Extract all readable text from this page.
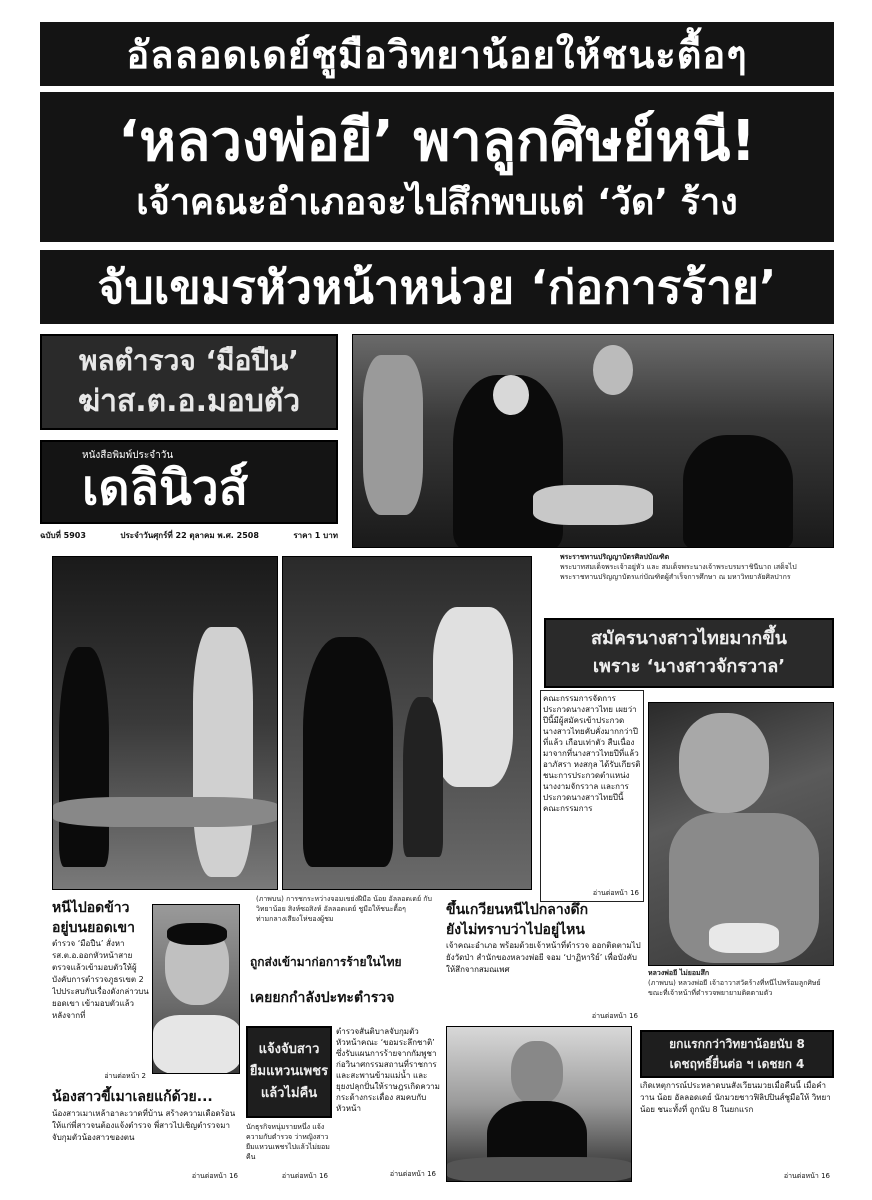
อัลลอดเดย์ชูมือวิทยาน้อยให้ชนะตื้อๆ
‘หลวงพ่อยี’ พาลูกศิษย์หนี!
เจ้าคณะอำเภอจะไปสึกพบแต่ ‘วัด’ ร้าง
จับเขมรหัวหน้าหน่วย ‘ก่อการร้าย’
พลตำรวจ ‘มือปืน’
ฆ่าส.ต.อ.มอบตัว
หนังสือพิมพ์ประจำวัน
เดลินิวส์
ฉบับที่ 5903	ประจำวันศุกร์ที่ 22 ตุลาคม พ.ศ. 2508	ราคา 1 บาท
พระราชทานปริญญาบัตรศิลปบัณฑิต
พระบาทสมเด็จพระเจ้าอยู่หัว และ สมเด็จพระนางเจ้าพระบรมราชินีนาถ เสด็จไปพระราชทานปริญญาบัตรแก่บัณฑิตผู้สำเร็จการศึกษา ณ มหาวิทยาลัยศิลปากร
(ภาพบน) การชกระหว่างจอมเขย่งฝีมือ น้อย อัลลอดเดย์ กับ วิทยาน้อย สิงห์ซอสิงห์ อัลลอดเดย์ ชูมือให้ชนะตื้อๆ ท่ามกลางเสียงโห่ของผู้ชม
สมัครนางสาวไทยมากขึ้น
เพราะ ‘นางสาวจักรวาล’
คณะกรรมการจัดการประกวดนางสาวไทย เผยว่าปีนี้มีผู้สมัครเข้าประกวดนางสาวไทยคับคั่งมากกว่าปีที่แล้ว เกือบเท่าตัว สืบเนื่องมาจากที่นางสาวไทยปีที่แล้ว อาภัสรา หงสกุล ได้รับเกียรติชนะการประกวดตำแหน่งนางงามจักรวาล และการประกวดนางสาวไทยปีนี้ คณะกรรมการ
อ่านต่อหน้า 16
หลวงพ่อยี ไม่ยอมสึก
(ภาพบน) หลวงพ่อยี เจ้าอาวาสวัดร้างที่หนีไปพร้อมลูกศิษย์ ขณะที่เจ้าหน้าที่ตำรวจพยายามติดตามตัว
หนีไปอดข้าว
อยู่บนยอดเขา
ตำรวจ ‘มือปืน’ สั่งหารส.ต.อ.ออกหัวหน้าสายตรวจแล้วเข้ามอบตัวให้ผู้บังคับการตำรวจภูธรเขต 2 ไปประสบกับเรื่องดังกล่าวบนยอดเขา เข้ามอบตัวแล้ว หลังจากที่
อ่านต่อหน้า 2
ขึ้นเกวียนหนีไปกลางดึก
ยังไม่ทราบว่าไปอยู่ไหน
เจ้าคณะอำเภอ พร้อมด้วยเจ้าหน้าที่ตำรวจ ออกติดตามไปยังวัดป่า สำนักของหลวงพ่อยี จอม ‘ปาฏิหาริย์’ เพื่อบังคับให้สึกจากสมณเพศ
อ่านต่อหน้า 16
ถูกส่งเข้ามาก่อการร้ายในไทย
เคยยกกำลังปะทะตำรวจ
ตำรวจสันติบาลจับกุมตัว หัวหน้าคณะ ‘ขอมระลึกชาติ’ ซึ่งรับแผนการร้ายจากกัมพูชา ก่อวินาศกรรมสถานที่ราชการและสะพานข้ามแม่น้ำ และยุยงปลุกปั่นให้ราษฎรเกิดความกระด้างกระเดื่อง สมคบกับหัวหน้า
อ่านต่อหน้า 16
แจ้งจับสาว
ยืมแหวนเพชร
แล้วไม่คืน
นักธุรกิจหนุ่มรายหนึ่ง แจ้งความกับตำรวจ ว่าหญิงสาวยืมแหวนเพชรไปแล้วไม่ยอมคืน
อ่านต่อหน้า 16
น้องสาวขี้เมาเลยแก้ด้วย...
น้องสาวเมาเหล้าอาละวาดที่บ้าน สร้างความเดือดร้อนให้แก่พี่สาวจนต้องแจ้งตำรวจ พี่สาวไปเชิญตำรวจมาจับกุมตัวน้องสาวของตน
อ่านต่อหน้า 16
ยกแรกกว่าวิทยาน้อยนับ 8
เดชฤทธิ์ยื่นต่อ ฯ เดชยก 4
เกิดเหตุการณ์ประหลาดบนสังเวียนมวยเมื่อคืนนี้ เมื่อคำวาน น้อย อัลลอดเดย์ นักมวยชาวฟิลิปปินส์ชูมือให้ วิทยาน้อย ชนะทั้งที่ ถูกนับ 8 ในยกแรก
อ่านต่อหน้า 16
